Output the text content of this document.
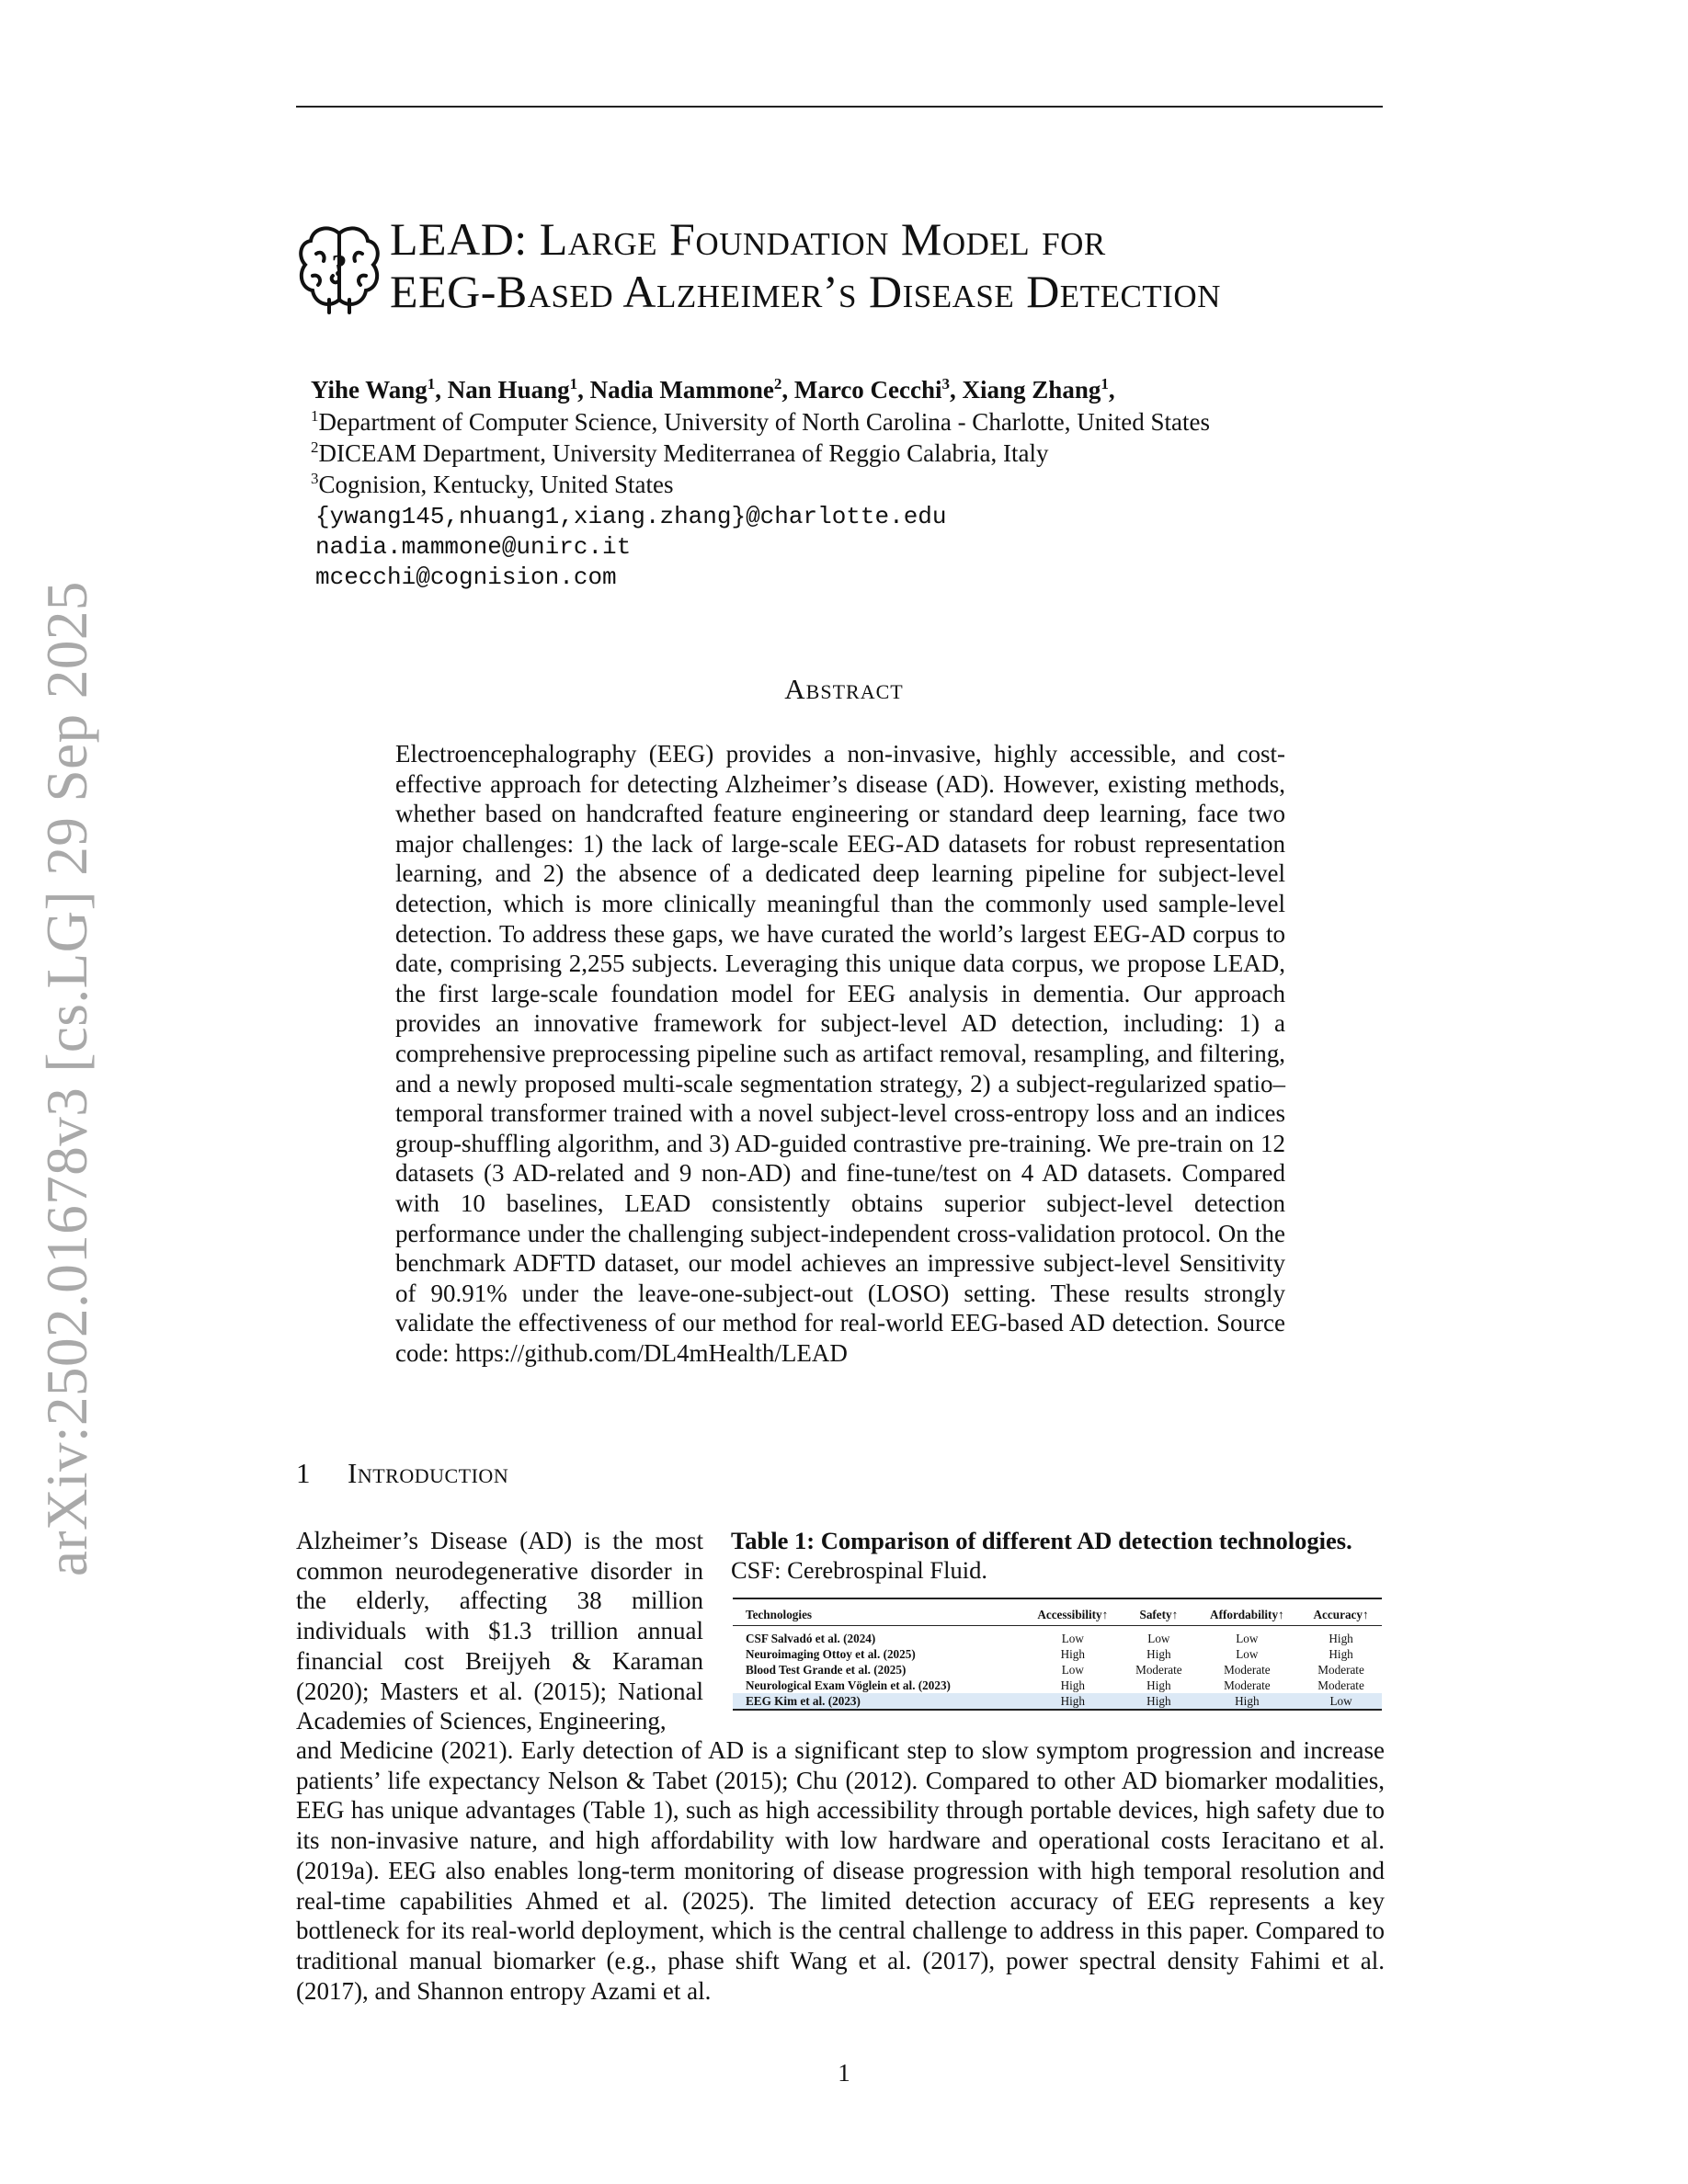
arXiv:2502.01678v3 [cs.LG] 29 Sep 2025
?
LEAD: Large Foundation Model for
EEG-Based Alzheimer’s Disease Detection
Yihe Wang$^1$, Nan Huang$^1$, Nadia Mammone$^2$, Marco Cecchi$^3$, Xiang Zhang$^1$,
$^1$Department of Computer Science, University of North Carolina - Charlotte, United States
$^2$DICEAM Department, University Mediterranea of Reggio Calabria, Italy
$^3$Cognision, Kentucky, United States
{ywang145,nhuang1,xiang.zhang}@charlotte.edu
nadia.mammone@unirc.it
mcecchi@cognision.com
Abstract
Electroencephalography (EEG) provides a non-invasive, highly accessible, and cost-effective approach for detecting Alzheimer’s disease (AD). However, existing methods, whether based on handcrafted feature engineering or standard deep learning, face two major challenges: 1) the lack of large-scale EEG-AD datasets for robust representation learning, and 2) the absence of a dedicated deep learning pipeline for subject-level detection, which is more clinically meaningful than the commonly used sample-level detection. To address these gaps, we have curated the world’s largest EEG-AD corpus to date, comprising 2,255 subjects. Leveraging this unique data corpus, we propose LEAD, the first large-scale foundation model for EEG analysis in dementia. Our approach provides an innovative framework for subject-level AD detection, including: 1) a comprehensive preprocessing pipeline such as artifact removal, resampling, and filtering, and a newly proposed multi-scale segmentation strategy, 2) a subject-regularized spatio–temporal transformer trained with a novel subject-level cross-entropy loss and an indices group-shuffling algorithm, and 3) AD-guided contrastive pre-training. We pre-train on 12 datasets (3 AD-related and 9 non-AD) and fine-tune/test on 4 AD datasets. Compared with 10 baselines, LEAD consistently obtains superior subject-level detection performance under the challenging subject-independent cross-validation protocol. On the benchmark ADFTD dataset, our model achieves an impressive subject-level Sensitivity of 90.91% under the leave-one-subject-out (LOSO) setting. These results strongly validate the effectiveness of our method for real-world EEG-based AD detection. Source code: https://github.com/DL4mHealth/LEAD
1 Introduction
Alzheimer’s Disease (AD) is the most common neurodegenerative disorder in the elderly, affecting 38 million individuals with $1.3 trillion annual financial cost Breijyeh & Karaman (2020); Masters et al. (2015); National Academies of Sciences, Engineering,
Table 1: Comparison of different AD detection technologies.
CSF: Cerebrospinal Fluid.
Technologies	Accessibility↑	Safety↑	Affordability↑	Accuracy↑
CSF Salvadó et al. (2024)	Low	Low	Low	High
Neuroimaging Ottoy et al. (2025)	High	High	Low	High
Blood Test Grande et al. (2025)	Low	Moderate	Moderate	Moderate
Neurological Exam Vöglein et al. (2023)	High	High	Moderate	Moderate
EEG Kim et al. (2023)	High	High	High	Low
and Medicine (2021). Early detection of AD is a significant step to slow symptom progression and increase patients’ life expectancy Nelson & Tabet (2015); Chu (2012). Compared to other AD biomarker modalities, EEG has unique advantages (Table 1), such as high accessibility through portable devices, high safety due to its non-invasive nature, and high affordability with low hardware and operational costs Ieracitano et al. (2019a). EEG also enables long-term monitoring of disease progression with high temporal resolution and real-time capabilities Ahmed et al. (2025). The limited detection accuracy of EEG represents a key bottleneck for its real-world deployment, which is the central challenge to address in this paper. Compared to traditional manual biomarker (e.g., phase shift Wang et al. (2017), power spectral density Fahimi et al. (2017), and Shannon entropy Azami et al.
1
